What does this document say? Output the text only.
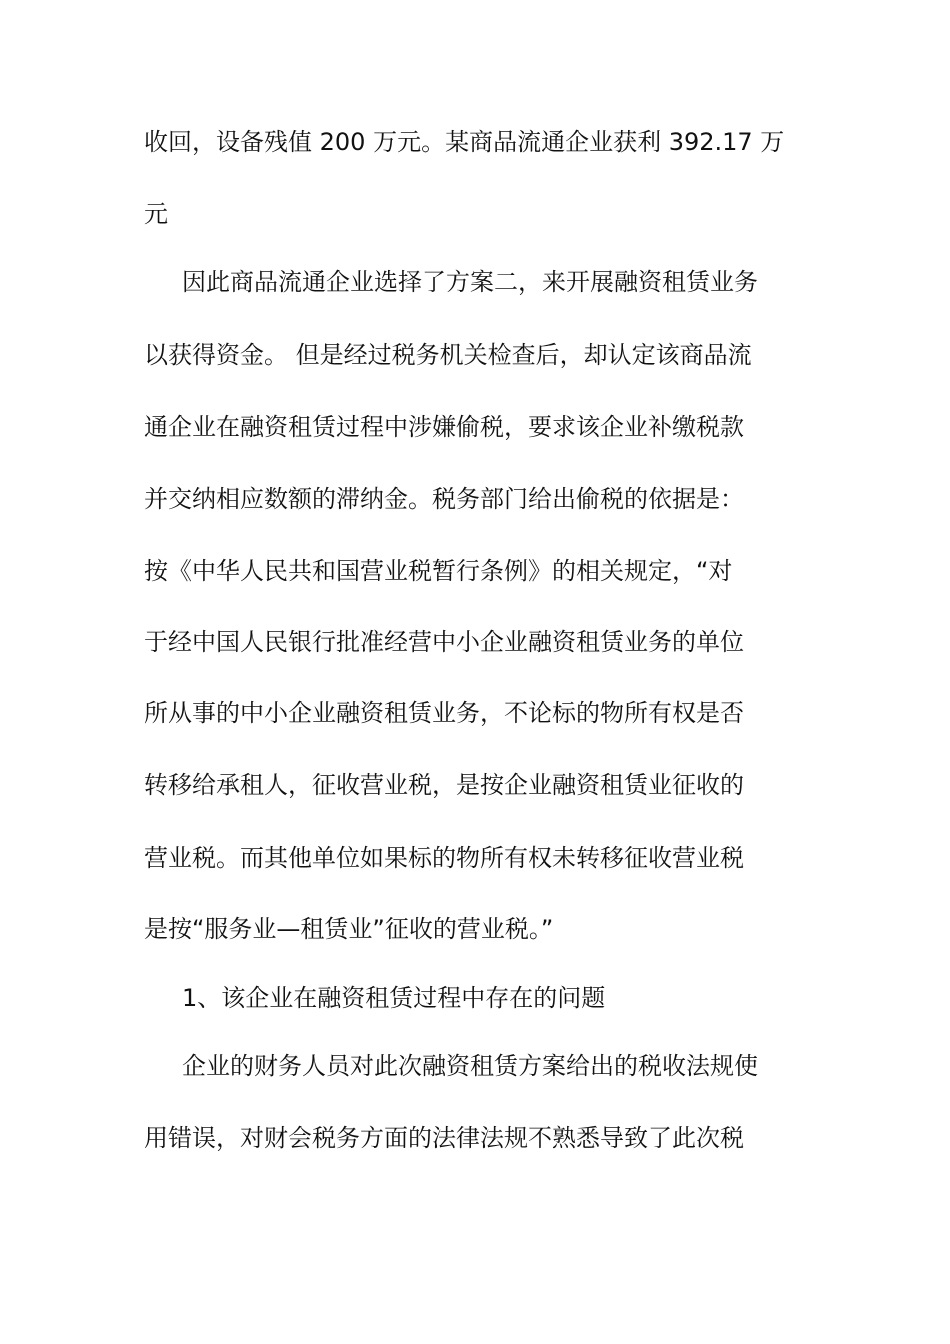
收回，设备残值 200 万元。某商品流通企业获利 392.17 万
元
因此商品流通企业选择了方案二，来开展融资租赁业务
以获得资金。 但是经过税务机关检查后，却认定该商品流
通企业在融资租赁过程中涉嫌偷税，要求该企业补缴税款
并交纳相应数额的滞纳金。税务部门给出偷税的依据是：
按《中华人民共和国营业税暂行条例》的相关规定，“对
于经中国人民银行批准经营中小企业融资租赁业务的单位
所从事的中小企业融资租赁业务，不论标的物所有权是否
转移给承租人，征收营业税，是按企业融资租赁业征收的
营业税。而其他单位如果标的物所有权未转移征收营业税
是按“服务业—租赁业”征收的营业税。”
1、该企业在融资租赁过程中存在的问题
企业的财务人员对此次融资租赁方案给出的税收法规使
用错误，对财会税务方面的法律法规不熟悉导致了此次税
